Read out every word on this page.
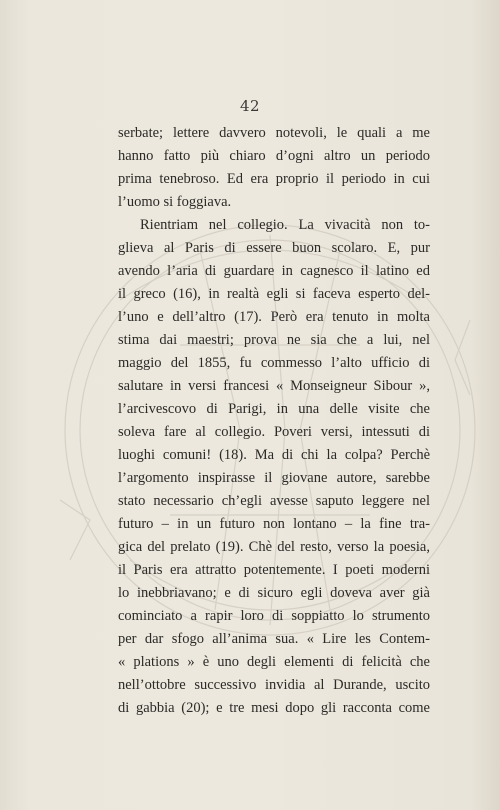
42
serbate; lettere davvero notevoli, le quali a me
hanno fatto più chiaro d’ogni altro un periodo
prima tenebroso. Ed era proprio il periodo in cui
l’uomo si foggiava.
Rientriam nel collegio. La vivacità non to-
glieva al Paris di essere buon scolaro. E, pur
avendo l’aria di guardare in cagnesco il latino ed
il greco (16), in realtà egli si faceva esperto del-
l’uno e dell’altro (17). Però era tenuto in molta
stima dai maestri; prova ne sia che a lui, nel
maggio del 1855, fu commesso l’alto ufficio di
salutare in versi francesi « Monseigneur Sibour »,
l’arcivescovo di Parigi, in una delle visite che
soleva fare al collegio. Poveri versi, intessuti di
luoghi comuni! (18). Ma di chi la colpa? Perchè
l’argomento inspirasse il giovane autore, sarebbe
stato necessario ch’egli avesse saputo leggere nel
futuro – in un futuro non lontano – la fine tra-
gica del prelato (19). Chè del resto, verso la poesia,
il Paris era attratto potentemente. I poeti moderni
lo inebbriavano; e di sicuro egli doveva aver già
cominciato a rapir loro di soppiatto lo strumento
per dar sfogo all’anima sua. « Lire les Contem-
« plations » è uno degli elementi di felicità che
nell’ottobre successivo invidia al Durande, uscito
di gabbia (20); e tre mesi dopo gli racconta come
